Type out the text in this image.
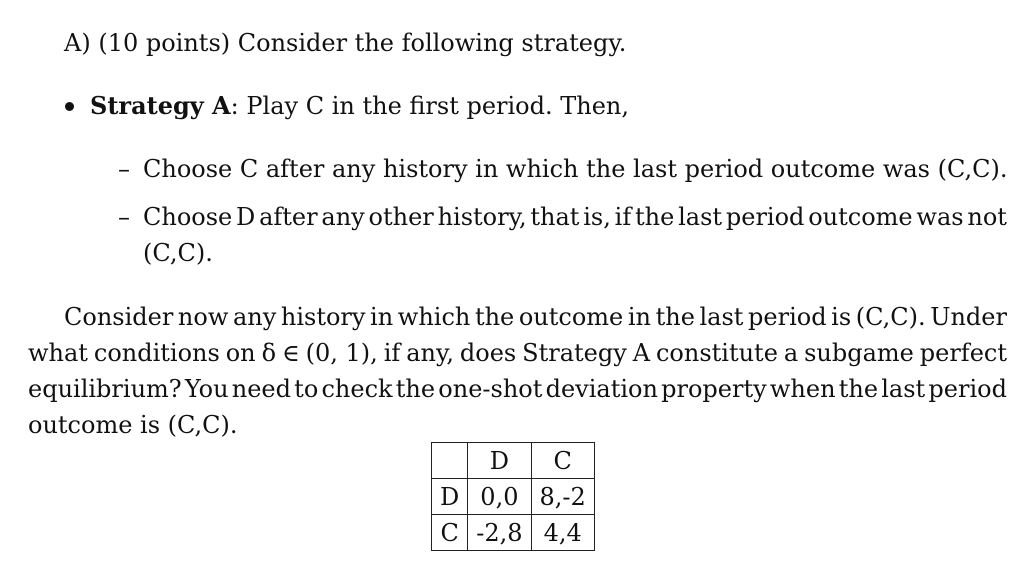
A) (10 points) Consider the following strategy.
Strategy A: Play C in the first period. Then,
– Choose C after any history in which the last period outcome was (C,C).
– Choose D after any other history, that is, if the last period outcome was not
(C,C).
Consider now any history in which the outcome in the last period is (C,C). Under
what conditions on δ ∈ (0, 1), if any, does Strategy A constitute a subgame perfect
equilibrium? You need to check the one-shot deviation property when the last period
outcome is (C,C).
	D	C
D	0,0	8,-2
C	-2,8	4,4
